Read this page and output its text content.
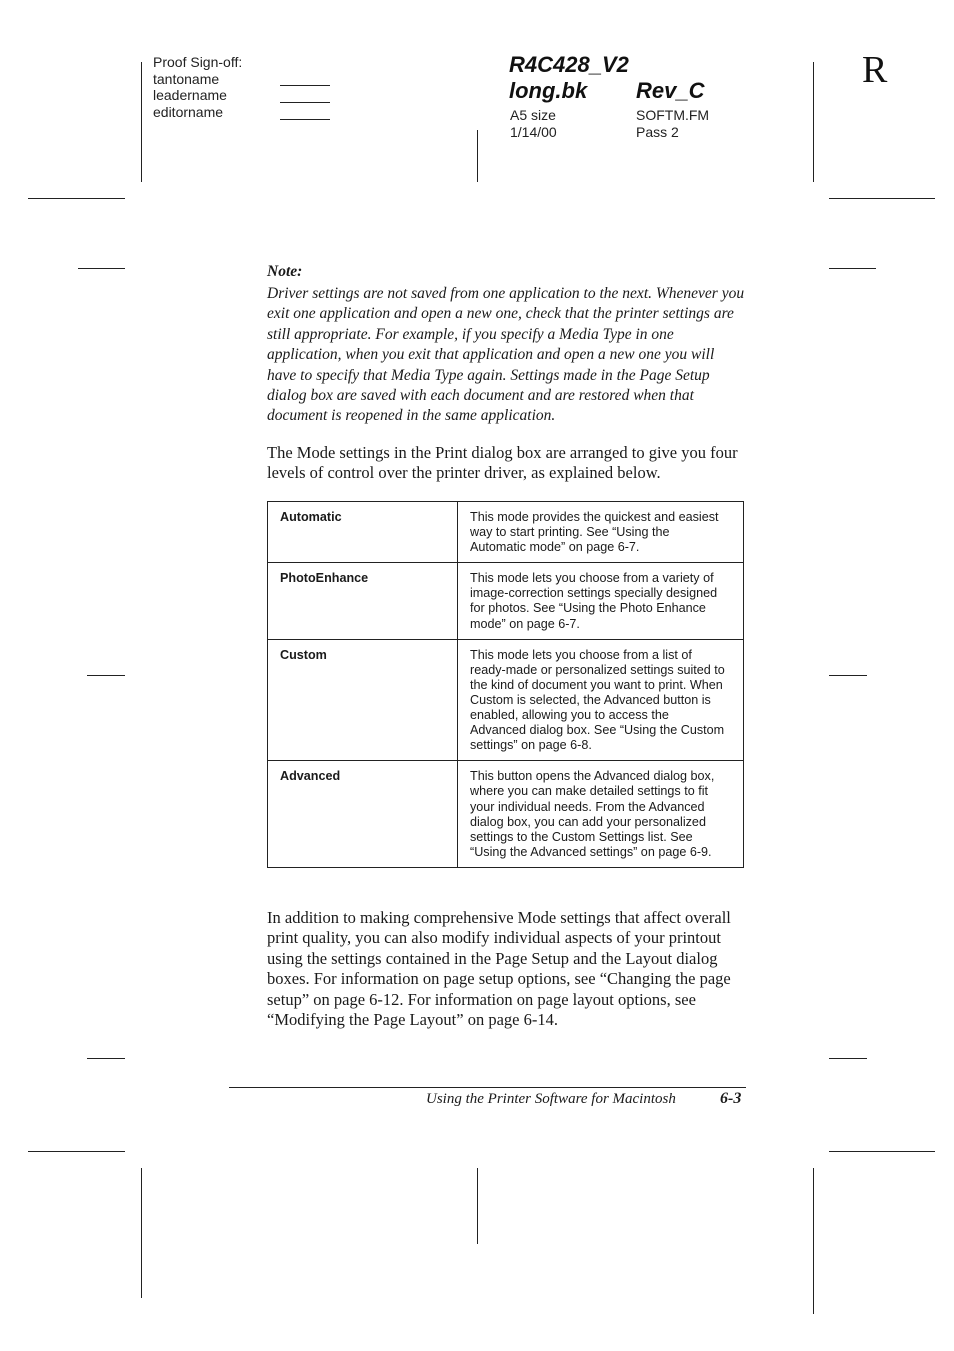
Proof Sign-off:
tantoname
leadername
editorname
R4C428_V2
long.bk Rev_C
A5 size
1/14/00
SOFTM.FM
Pass 2
R
Note:
Driver settings are not saved from one application to the next. Whenever you exit one application and open a new one, check that the printer settings are still appropriate. For example, if you specify a Media Type in one application, when you exit that application and open a new one you will have to specify that Media Type again. Settings made in the Page Setup dialog box are saved with each document and are restored when that document is reopened in the same application.
The Mode settings in the Print dialog box are arranged to give you four levels of control over the printer driver, as explained below.
Automatic	This mode provides the quickest and easiest way to start printing. See “Using the Automatic mode” on page 6-7.
PhotoEnhance	This mode lets you choose from a variety of image-correction settings specially designed for photos. See “Using the Photo Enhance mode” on page 6-7.
Custom	This mode lets you choose from a list of ready-made or personalized settings suited to the kind of document you want to print. When Custom is selected, the Advanced button is enabled, allowing you to access the Advanced dialog box. See “Using the Custom settings” on page 6-8.
Advanced	This button opens the Advanced dialog box, where you can make detailed settings to fit your individual needs. From the Advanced dialog box, you can add your personalized settings to the Custom Settings list. See “Using the Advanced settings” on page 6-9.
In addition to making comprehensive Mode settings that affect overall print quality, you can also modify individual aspects of your printout using the settings contained in the Page Setup and the Layout dialog boxes. For information on page setup options, see “Changing the page setup” on page 6-12. For information on page layout options, see “Modifying the Page Layout” on page 6-14.
Using the Printer Software for Macintosh	6-3
